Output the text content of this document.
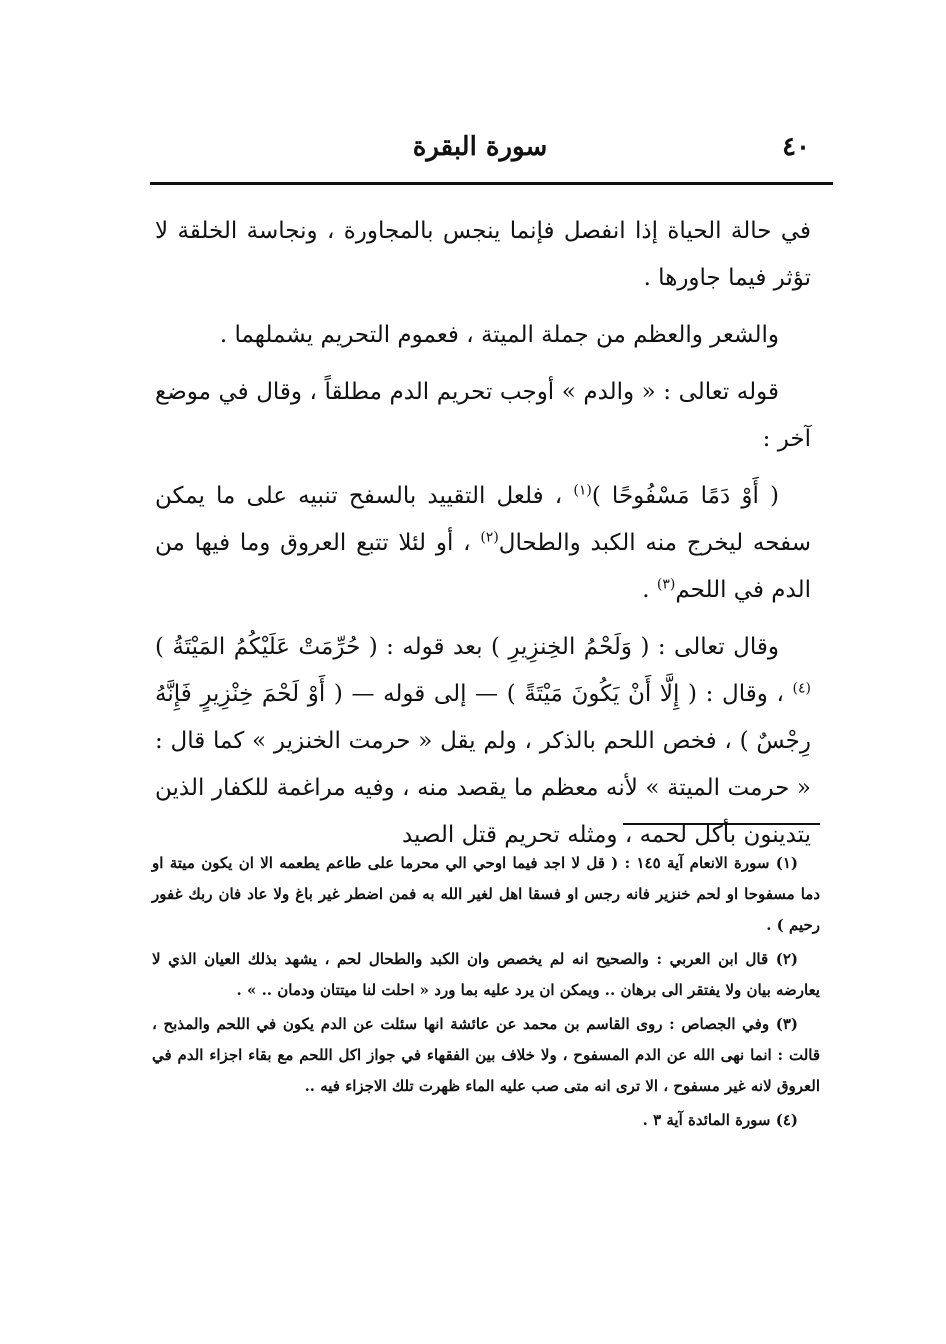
٤٠
سورة البقرة

في حالة الحياة إذا انفصل فإنما ينجس بالمجاورة ، ونجاسة الخلقة لا تؤثر فيما جاورها .

والشعر والعظم من جملة الميتة ، فعموم التحريم يشملهما .

قوله تعالى : « والدم » أوجب تحريم الدم مطلقاً ، وقال في موضع آخر :

( أَوْ دَمًا مَسْفُوحًا )$^{(١)}$ ، فلعل التقييد بالسفح تنبيه على ما يمكن سفحه ليخرج منه الكبد والطحال$^{(٢)}$ ، أو لئلا تتبع العروق وما فيها من الدم في اللحم$^{(٣)}$ .

وقال تعالى : ( وَلَحْمُ الخِنزِيرِ ) بعد قوله : ( حُرِّمَتْ عَلَيْكُمُ المَيْتَةُ )$^{(٤)}$ ، وقال : ( إِلَّا أَنْ يَكُونَ مَيْتَةً ) — إلى قوله — ( أَوْ لَحْمَ خِنْزِيرٍ فَإِنَّهُ رِجْسٌ ) ، فخص اللحم بالذكر ، ولم يقل « حرمت الخنزير » كما قال : « حرمت الميتة » لأنه معظم ما يقصد منه ، وفيه مراغمة للكفار الذين يتدينون بأكل لحمه ، ومثله تحريم قتل الصيد

(١) سورة الانعام آية ١٤٥ : ( قل لا اجد فيما اوحي الي محرما على طاعم يطعمه الا ان يكون ميتة او دما مسفوحا او لحم خنزير فانه رجس او فسقا اهل لغير الله به فمن اضطر غير باغ ولا عاد فان ربك غفور رحيم ) .

(٢) قال ابن العربي : والصحيح انه لم يخصص وان الكبد والطحال لحم ، يشهد بذلك العيان الذي لا يعارضه بيان ولا يفتقر الى برهان .. ويمكن ان يرد عليه بما ورد « احلت لنا ميتتان ودمان .. » .

(٣) وفي الجصاص : روى القاسم بن محمد عن عائشة انها سئلت عن الدم يكون في اللحم والمذبح ، قالت : انما نهى الله عن الدم المسفوح ، ولا خلاف بين الفقهاء في جواز اكل اللحم مع بقاء اجزاء الدم في العروق لانه غير مسفوح ، الا ترى انه متى صب عليه الماء ظهرت تلك الاجزاء فيه ..

(٤) سورة المائدة آية ٣ .
